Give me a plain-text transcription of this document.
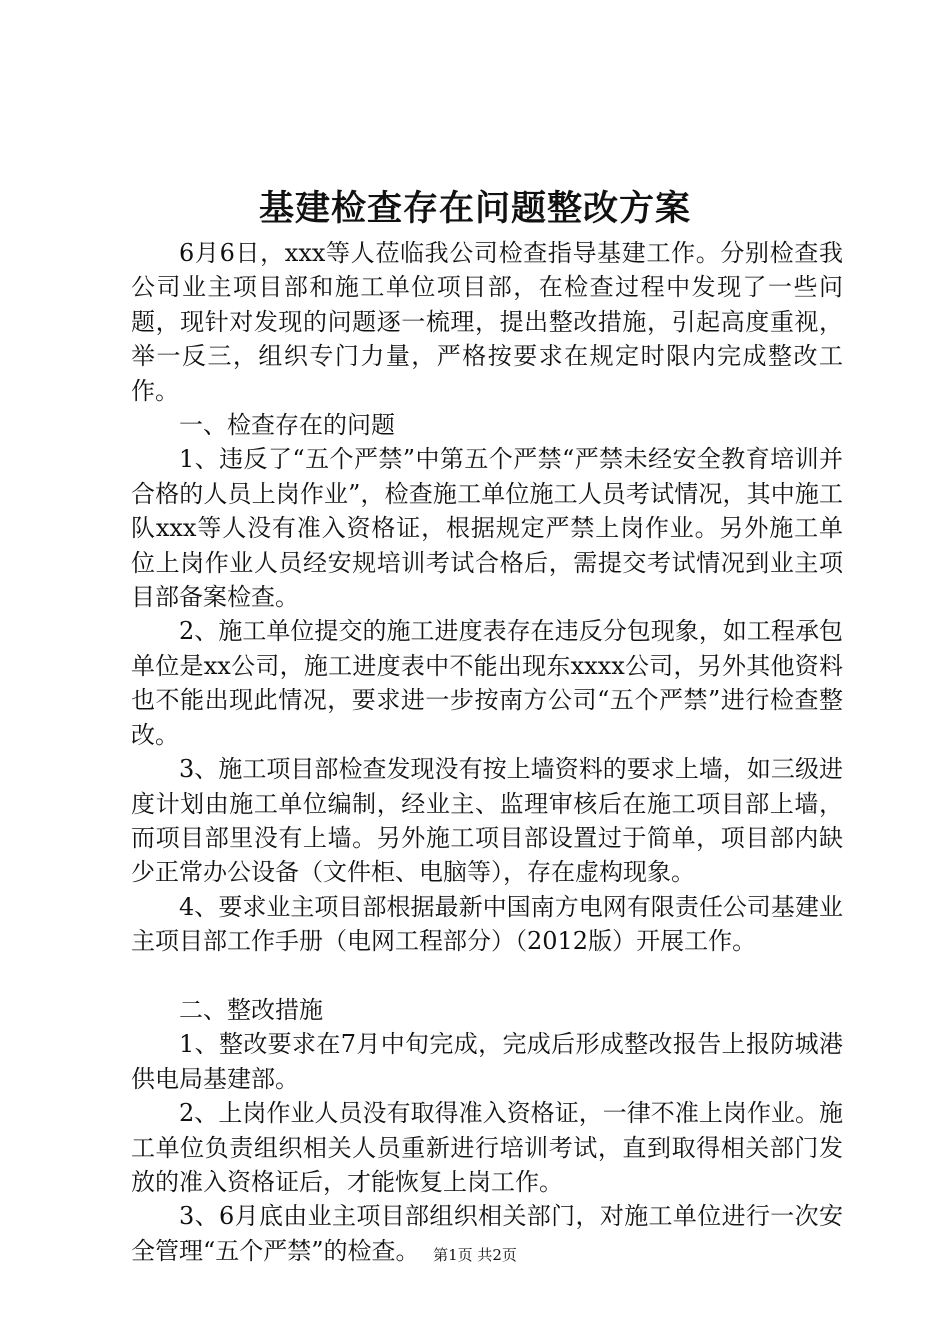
基建检查存在问题整改方案

6月6日，xxx等人莅临我公司检查指导基建工作。分别检查我公司业主项目部和施工单位项目部，在检查过程中发现了一些问题，现针对发现的问题逐一梳理，提出整改措施，引起高度重视，举一反三，组织专门力量，严格按要求在规定时限内完成整改工作。

一、检查存在的问题

1、违反了“五个严禁”中第五个严禁“严禁未经安全教育培训并合格的人员上岗作业”，检查施工单位施工人员考试情况，其中施工队xxx等人没有准入资格证，根据规定严禁上岗作业。另外施工单位上岗作业人员经安规培训考试合格后，需提交考试情况到业主项目部备案检查。

2、施工单位提交的施工进度表存在违反分包现象，如工程承包单位是xx公司，施工进度表中不能出现东xxxx公司，另外其他资料也不能出现此情况，要求进一步按南方公司“五个严禁”进行检查整改。

3、施工项目部检查发现没有按上墙资料的要求上墙，如三级进度计划由施工单位编制，经业主、监理审核后在施工项目部上墙，而项目部里没有上墙。另外施工项目部设置过于简单，项目部内缺少正常办公设备（文件柜、电脑等），存在虚构现象。

4、要求业主项目部根据最新中国南方电网有限责任公司基建业主项目部工作手册（电网工程部分）（2012版）开展工作。

二、整改措施

1、整改要求在7月中旬完成，完成后形成整改报告上报防城港供电局基建部。

2、上岗作业人员没有取得准入资格证，一律不准上岗作业。施工单位负责组织相关人员重新进行培训考试，直到取得相关部门发放的准入资格证后，才能恢复上岗工作。

3、6月底由业主项目部组织相关部门，对施工单位进行一次安全管理“五个严禁”的检查。 第1页 共2页
